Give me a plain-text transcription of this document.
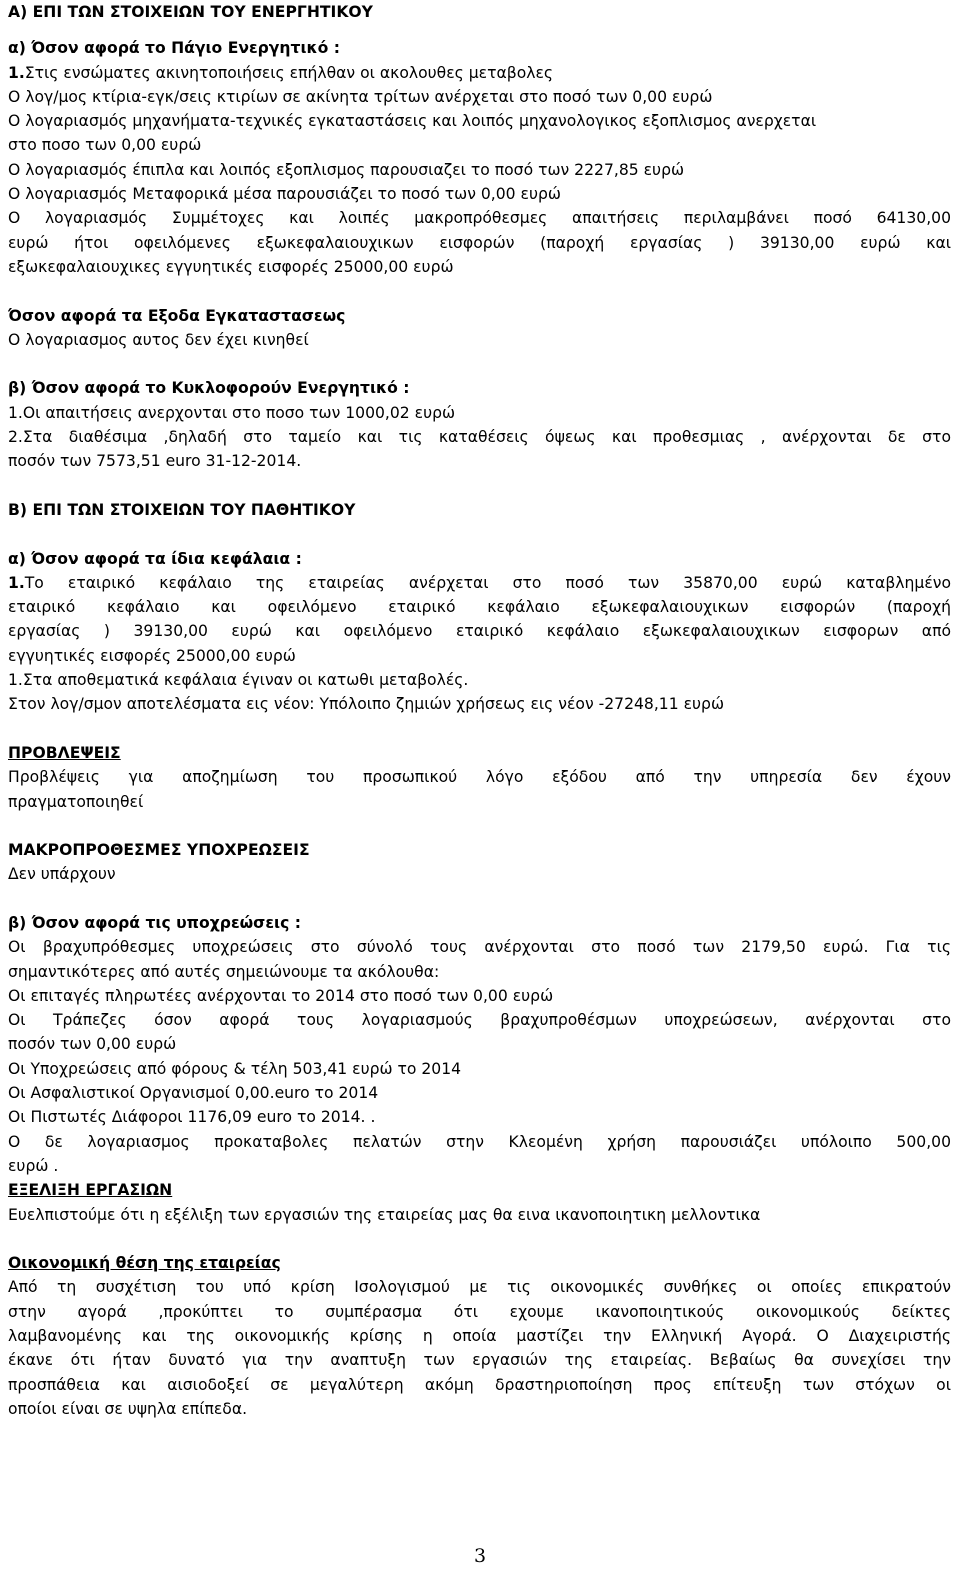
Α) ΕΠΙ ΤΩΝ ΣΤΟΙΧΕΙΩΝ ΤΟΥ ΕΝΕΡΓΗΤΙΚΟΥ
α) Όσον αφορά το Πάγιο Ενεργητικό :
1.Στις ενσώματες ακινητοποιήσεις επήλθαν οι ακολουθες μεταβολες
Ο λογ/μος κτίρια-εγκ/σεις κτιρίων σε ακίνητα τρίτων ανέρχεται στο ποσό των 0,00 ευρώ
Ο λογαριασμός μηχανήματα-τεχνικές εγκαταστάσεις και λοιπός μηχανολογικος εξοπλισμος ανερχεται
στο ποσο των 0,00 ευρώ
Ο λογαριασμός έπιπλα και λοιπός εξοπλισμος παρουσιαζει το ποσό των 2227,85 ευρώ
Ο λογαριασμός Μεταφορικά μέσα παρουσιάζει το ποσό των 0,00 ευρώ
Ο λογαριασμός Συμμέτοχες και λοιπές μακροπρόθεσμες απαιτήσεις περιλαμβάνει ποσό 64130,00
ευρώ ήτοι οφειλόμενες εξωκεφαλαιουχικων εισφορών (παροχή εργασίας ) 39130,00 ευρώ και
εξωκεφαλαιουχικες εγγυητικές εισφορές 25000,00 ευρώ
Όσον αφορά τα Εξοδα Εγκαταστασεως
Ο λογαριασμος αυτος δεν έχει κινηθεί
β) Όσον αφορά το Κυκλοφορούν Ενεργητικό :
1.Οι απαιτήσεις ανερχονται στο ποσο των 1000,02 ευρώ
2.Στα διαθέσιμα ,δηλαδή στο ταμείο και τις καταθέσεις όψεως και προθεσμιας , ανέρχονται δε στο
ποσόν των 7573,51 euro 31-12-2014.
Β) ΕΠΙ ΤΩΝ ΣΤΟΙΧΕΙΩΝ ΤΟΥ ΠΑΘΗΤΙΚΟΥ
α) Όσον αφορά τα ίδια κεφάλαια :
1.Το εταιρικό κεφάλαιο της εταιρείας ανέρχεται στο ποσό των 35870,00 ευρώ καταβλημένο
εταιρικό κεφάλαιο και οφειλόμενο εταιρικό κεφάλαιο εξωκεφαλαιουχικων εισφορών (παροχή
εργασίας ) 39130,00 ευρώ και οφειλόμενο εταιρικό κεφάλαιο εξωκεφαλαιουχικων εισφορων από
εγγυητικές εισφορές 25000,00 ευρώ
1.Στα αποθεματικά κεφάλαια έγιναν οι κατωθι μεταβολές.
Στον λογ/σμον αποτελέσματα εις νέον: Υπόλοιπο ζημιών χρήσεως εις νέον -27248,11 ευρώ
ΠΡΟΒΛΕΨΕΙΣ
Προβλέψεις για αποζημίωση του προσωπικού λόγο εξόδου από την υπηρεσία δεν έχουν
πραγματοποιηθεί
ΜΑΚΡΟΠΡΟΘΕΣΜΕΣ ΥΠΟΧΡΕΩΣΕΙΣ
Δεν υπάρχουν
β) Όσον αφορά τις υποχρεώσεις :
Οι βραχυπρόθεσμες υποχρεώσεις στο σύνολό τους ανέρχονται στο ποσό των 2179,50 ευρώ. Για τις
σημαντικότερες από αυτές σημειώνουμε τα ακόλουθα:
Οι επιταγές πληρωτέες ανέρχονται το 2014 στο ποσό των 0,00 ευρώ
Οι Τράπεζες όσον αφορά τους λογαριασμούς βραχυπροθέσμων υποχρεώσεων, ανέρχονται στο
ποσόν των 0,00 ευρώ
Οι Υποχρεώσεις από φόρους & τέλη 503,41 ευρώ το 2014
Οι Ασφαλιστικοί Οργανισμοί 0,00.euro το 2014
Οι Πιστωτές Διάφοροι 1176,09 euro το 2014. .
Ο δε λογαριασμος προκαταβολες πελατών στην Κλεομένη χρήση παρουσιάζει υπόλοιπο 500,00
ευρώ .
ΕΞΕΛΙΞΗ ΕΡΓΑΣΙΩΝ
Ευελπιστούμε ότι η εξέλιξη των εργασιών της εταιρείας μας θα εινα ικανοποιητικη μελλοντικα
Οικονομική θέση της εταιρείας
Από τη συσχέτιση του υπό κρίση Ισολογισμού με τις οικονομικές συνθήκες οι οποίες επικρατούν
στην αγορά ,προκύπτει το συμπέρασμα ότι εχουμε ικανοποιητικούς οικονομικούς δείκτες
λαμβανομένης και της οικονομικής κρίσης η οποία μαστίζει την Ελληνική Αγορά. Ο Διαχειριστής
έκανε ότι ήταν δυνατό για την αναπτυξη των εργασιών της εταιρείας. Βεβαίως θα συνεχίσει την
προσπάθεια και αισιοδοξεί σε μεγαλύτερη ακόμη δραστηριοποίηση προς επίτευξη των στόχων οι
οποίοι είναι σε υψηλα επίπεδα.
3
